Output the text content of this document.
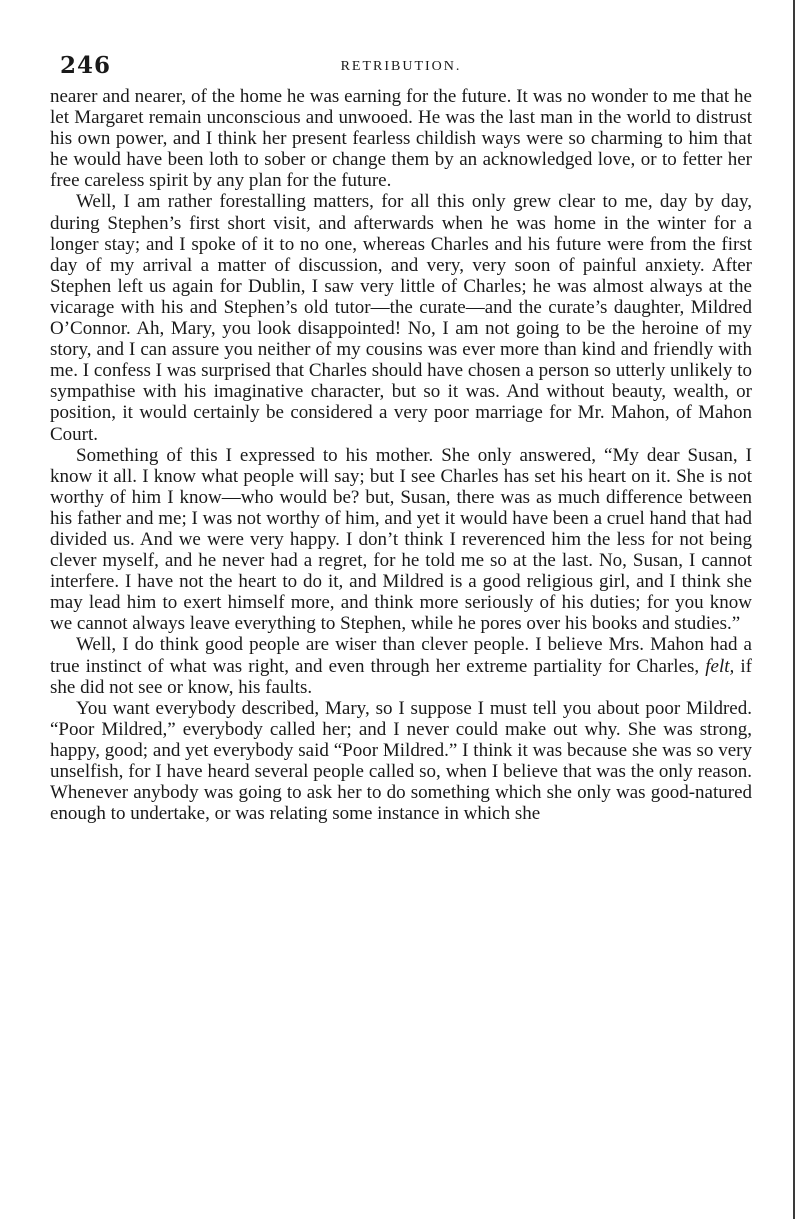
246	RETRIBUTION.

nearer and nearer, of the home he was earning for the future. It was no wonder to me that he let Margaret remain unconscious and unwooed. He was the last man in the world to distrust his own power, and I think her present fearless childish ways were so charming to him that he would have been loth to sober or change them by an acknowledged love, or to fetter her free careless spirit by any plan for the future.

Well, I am rather forestalling matters, for all this only grew clear to me, day by day, during Stephen’s first short visit, and afterwards when he was home in the winter for a longer stay; and I spoke of it to no one, whereas Charles and his future were from the first day of my arrival a matter of discussion, and very, very soon of painful anxiety. After Stephen left us again for Dublin, I saw very little of Charles; he was almost always at the vicarage with his and Stephen’s old tutor—the curate—and the curate’s daughter, Mildred O’Connor. Ah, Mary, you look disappointed! No, I am not going to be the heroine of my story, and I can assure you neither of my cousins was ever more than kind and friendly with me. I confess I was surprised that Charles should have chosen a person so utterly unlikely to sympathise with his imaginative character, but so it was. And without beauty, wealth, or position, it would certainly be considered a very poor marriage for Mr. Mahon, of Mahon Court.

Something of this I expressed to his mother. She only answered, “My dear Susan, I know it all. I know what people will say; but I see Charles has set his heart on it. She is not worthy of him I know—who would be? but, Susan, there was as much difference between his father and me; I was not worthy of him, and yet it would have been a cruel hand that had divided us. And we were very happy. I don’t think I reverenced him the less for not being clever myself, and he never had a regret, for he told me so at the last. No, Susan, I cannot interfere. I have not the heart to do it, and Mildred is a good religious girl, and I think she may lead him to exert himself more, and think more seriously of his duties; for you know we cannot always leave everything to Stephen, while he pores over his books and studies.”

Well, I do think good people are wiser than clever people. I believe Mrs. Mahon had a true instinct of what was right, and even through her extreme partiality for Charles, felt, if she did not see or know, his faults.

You want everybody described, Mary, so I suppose I must tell you about poor Mildred. “Poor Mildred,” everybody called her; and I never could make out why. She was strong, happy, good; and yet everybody said “Poor Mildred.” I think it was because she was so very unselfish, for I have heard several people called so, when I believe that was the only reason. Whenever anybody was going to ask her to do something which she only was good-natured enough to undertake, or was relating some instance in which she
